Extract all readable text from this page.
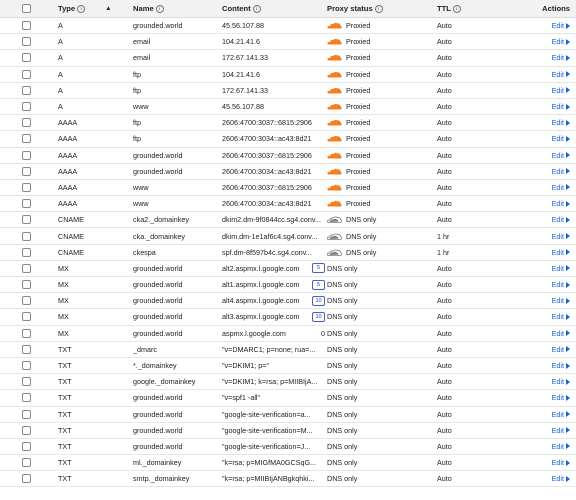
Type	i	▲	Name	i	Content	i	Proxy status	i	TTL	i	Actions
A	grounded.world	45.56.107.88	Proxied	Auto	Edit
A	email	104.21.41.6	Proxied	Auto	Edit
A	email	172.67.141.33	Proxied	Auto	Edit
A	ftp	104.21.41.6	Proxied	Auto	Edit
A	ftp	172.67.141.33	Proxied	Auto	Edit
A	www	45.56.107.88	Proxied	Auto	Edit
AAAA	ftp	2606:4700:3037::6815:2906	Proxied	Auto	Edit
AAAA	ftp	2606:4700:3034::ac43:8d21	Proxied	Auto	Edit
AAAA	grounded.world	2606:4700:3037::6815:2906	Proxied	Auto	Edit
AAAA	grounded.world	2606:4700:3034::ac43:8d21	Proxied	Auto	Edit
AAAA	www	2606:4700:3037::6815:2906	Proxied	Auto	Edit
AAAA	www	2606:4700:3034::ac43:8d21	Proxied	Auto	Edit
CNAME	cka2._domainkey	dkim2.dm-9f0844cc.sg4.conv...	DNS only	Auto	Edit
CNAME	cka._domainkey	dkim.dm-1e1af6c4.sg4.conv...	DNS only	1 hr	Edit
CNAME	ckespa	spf.dm-8f597b4c.sg4.conv...	DNS only	1 hr	Edit
MX	grounded.world	alt2.aspmx.l.google.com	5 DNS only	Auto	Edit
MX	grounded.world	alt1.aspmx.l.google.com	5 DNS only	Auto	Edit
MX	grounded.world	alt4.aspmx.l.google.com	10 DNS only	Auto	Edit
MX	grounded.world	alt3.aspmx.l.google.com	10 DNS only	Auto	Edit
MX	grounded.world	aspmx.l.google.com	0 DNS only	Auto	Edit
TXT	_dmarc	"v=DMARC1; p=none; rua=...	DNS only	Auto	Edit
TXT	*._domainkey	"v=DKIM1; p="	DNS only	Auto	Edit
TXT	google._domainkey	"v=DKIM1; k=rsa; p=MIIBIjA...	DNS only	Auto	Edit
TXT	grounded.world	"v=spf1 -all"	DNS only	Auto	Edit
TXT	grounded.world	"google-site-verification=a...	DNS only	Auto	Edit
TXT	grounded.world	"google-site-verification=M...	DNS only	Auto	Edit
TXT	grounded.world	"google-site-verification=J...	DNS only	Auto	Edit
TXT	ml._domainkey	"k=rsa; p=MIGfMA0GCSqG...	DNS only	Auto	Edit
TXT	smtp._domainkey	"k=rsa; p=MIIBIjANBgkqhki...	DNS only	Auto	Edit
